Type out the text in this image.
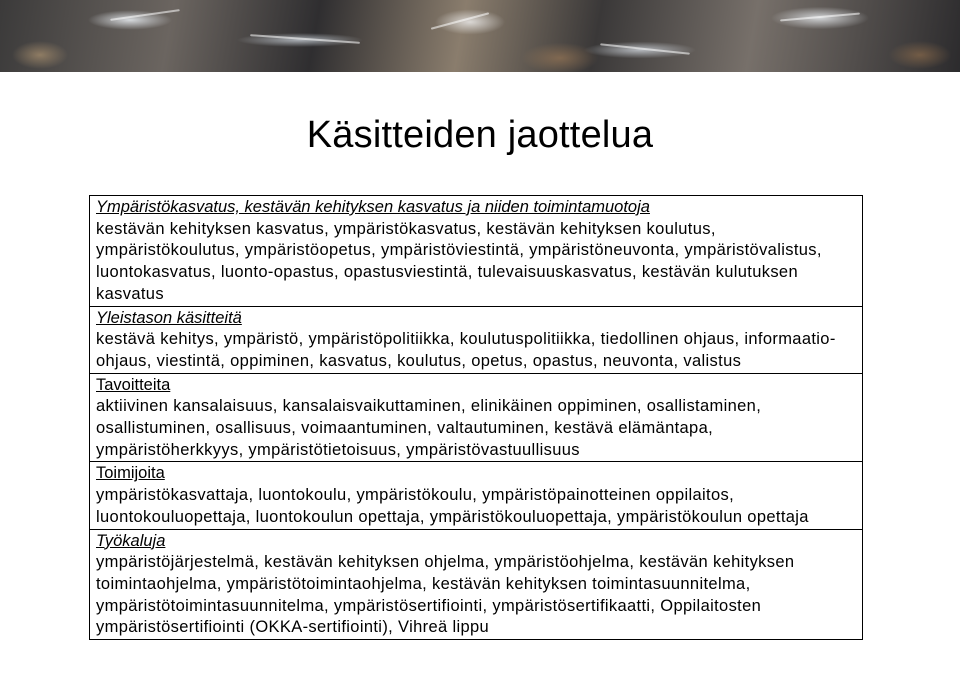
Käsitteiden jaottelua
Ympäristökasvatus, kestävän kehityksen kasvatus ja niiden toimintamuotoja
kestävän kehityksen kasvatus, ympäristökasvatus, kestävän kehityksen koulutus, ympäristökoulutus, ympäristöopetus, ympäristöviestintä, ympäristöneuvonta, ympäristövalistus, luontokasvatus, luonto-opastus, opastusviestintä, tulevaisuuskasvatus, kestävän kulutuksen kasvatus
Yleistason käsitteitä
kestävä kehitys, ympäristö, ympäristöpolitiikka, koulutuspolitiikka, tiedollinen ohjaus, informaatio-ohjaus, viestintä, oppiminen, kasvatus, koulutus, opetus, opastus, neuvonta, valistus
Tavoitteita
aktiivinen kansalaisuus, kansalaisvaikuttaminen, elinikäinen oppiminen, osallistaminen, osallistuminen, osallisuus, voimaantuminen, valtautuminen, kestävä elämäntapa, ympäristöherkkyys, ympäristötietoisuus, ympäristövastuullisuus
Toimijoita
ympäristökasvattaja, luontokoulu, ympäristökoulu, ympäristöpainotteinen oppilaitos, luontokouluopettaja, luontokoulun opettaja, ympäristökouluopettaja, ympäristökoulun opettaja
Työkaluja
ympäristöjärjestelmä, kestävän kehityksen ohjelma, ympäristöohjelma, kestävän kehityksen toimintaohjelma, ympäristötoimintaohjelma, kestävän kehityksen toimintasuunnitelma, ympäristötoimintasuunnitelma, ympäristösertifiointi, ympäristösertifikaatti, Oppilaitosten ympäristösertifiointi (OKKA-sertifiointi), Vihreä lippu
